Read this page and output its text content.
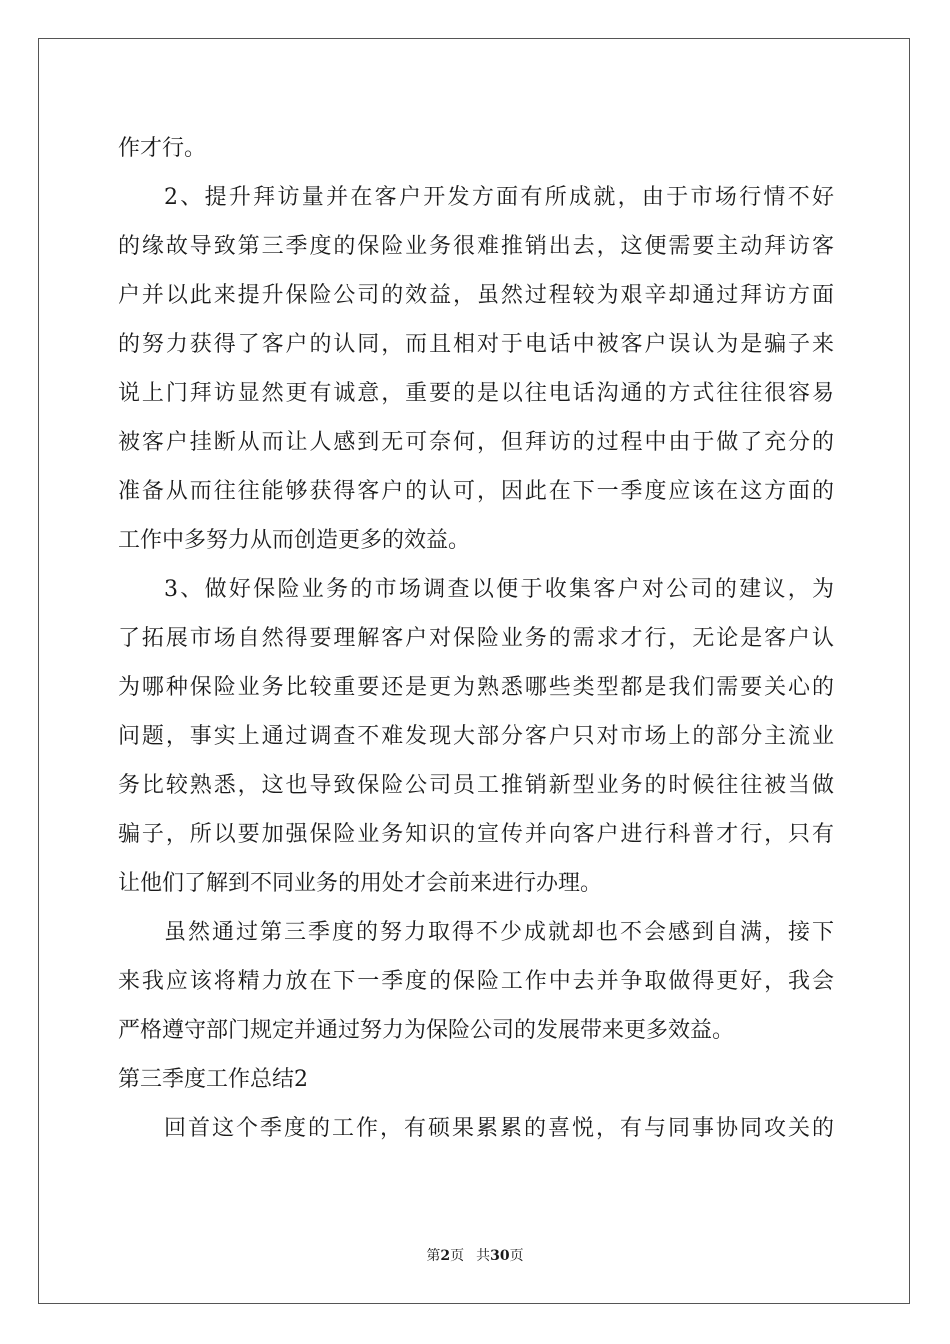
作才行。
2、提升拜访量并在客户开发方面有所成就，由于市场行情不好
的缘故导致第三季度的保险业务很难推销出去，这便需要主动拜访客
户并以此来提升保险公司的效益，虽然过程较为艰辛却通过拜访方面
的努力获得了客户的认同，而且相对于电话中被客户误认为是骗子来
说上门拜访显然更有诚意，重要的是以往电话沟通的方式往往很容易
被客户挂断从而让人感到无可奈何，但拜访的过程中由于做了充分的
准备从而往往能够获得客户的认可，因此在下一季度应该在这方面的
工作中多努力从而创造更多的效益。
3、做好保险业务的市场调查以便于收集客户对公司的建议，为
了拓展市场自然得要理解客户对保险业务的需求才行，无论是客户认
为哪种保险业务比较重要还是更为熟悉哪些类型都是我们需要关心的
问题，事实上通过调查不难发现大部分客户只对市场上的部分主流业
务比较熟悉，这也导致保险公司员工推销新型业务的时候往往被当做
骗子，所以要加强保险业务知识的宣传并向客户进行科普才行，只有
让他们了解到不同业务的用处才会前来进行办理。
虽然通过第三季度的努力取得不少成就却也不会感到自满，接下
来我应该将精力放在下一季度的保险工作中去并争取做得更好，我会
严格遵守部门规定并通过努力为保险公司的发展带来更多效益。
第三季度工作总结2
回首这个季度的工作，有硕果累累的喜悦，有与同事协同攻关的
第2页 共30页
